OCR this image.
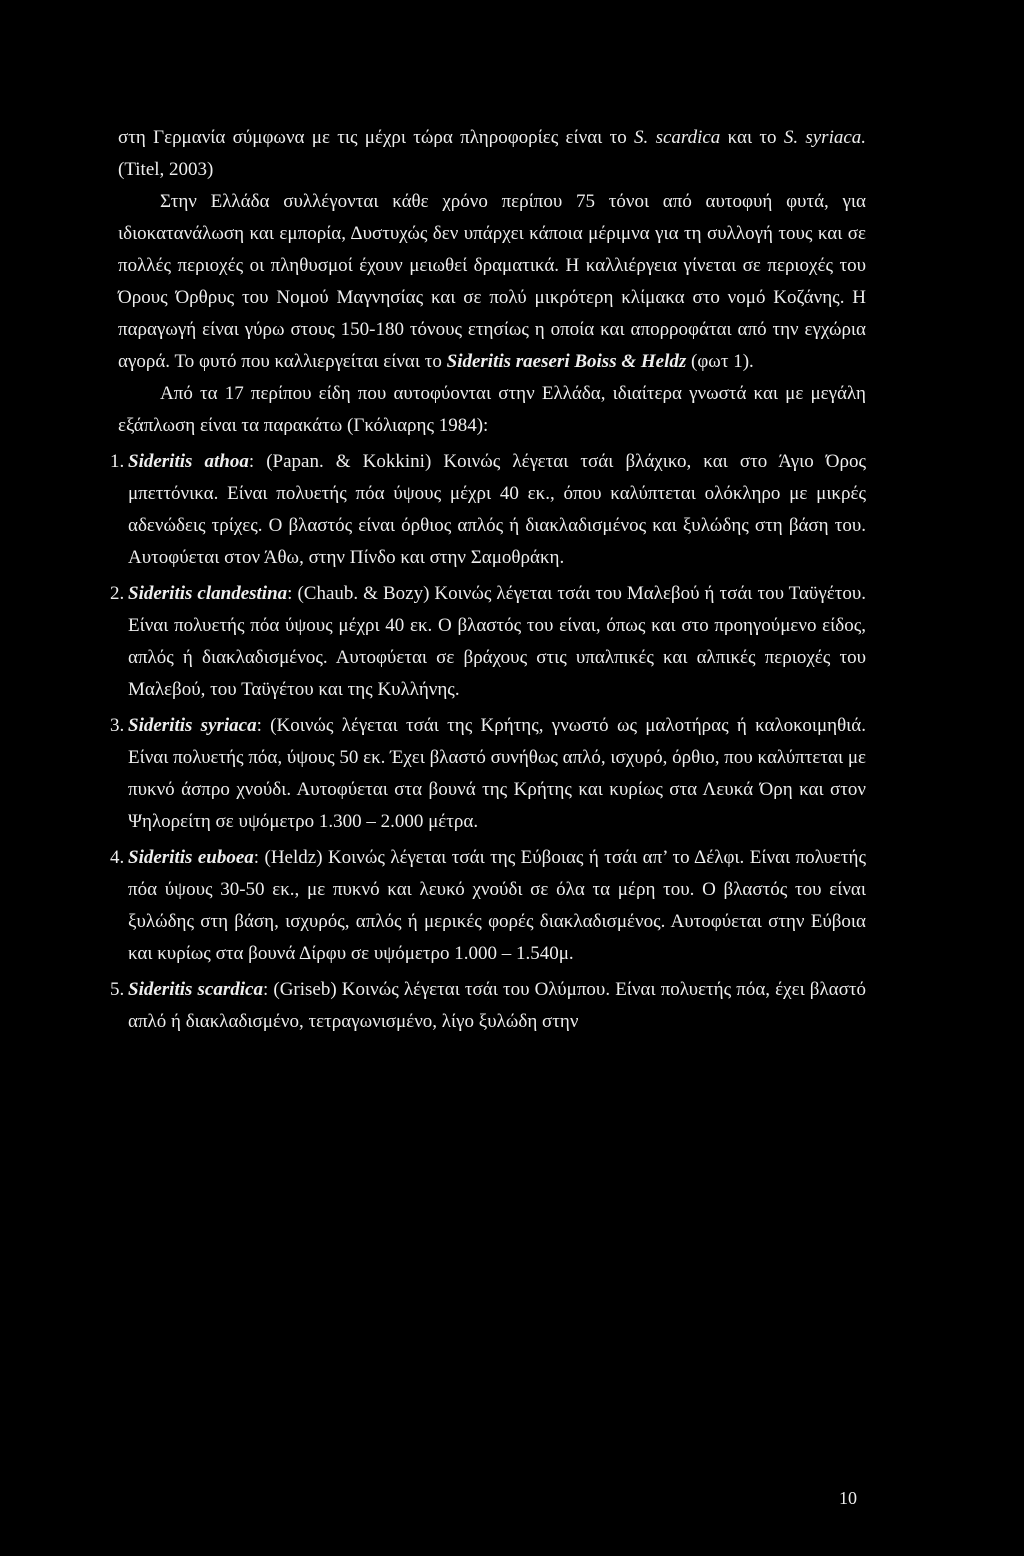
στη Γερμανία σύμφωνα με τις μέχρι τώρα πληροφορίες είναι το S. scardica και το S. syriaca. (Titel, 2003)

Στην Ελλάδα συλλέγονται κάθε χρόνο περίπου 75 τόνοι από αυτοφυή φυτά, για ιδιοκατανάλωση και εμπορία, Δυστυχώς δεν υπάρχει κάποια μέριμνα για τη συλλογή τους και σε πολλές περιοχές οι πληθυσμοί έχουν μειωθεί δραματικά. Η καλλιέργεια γίνεται σε περιοχές του Όρους Όρθρυς του Νομού Μαγνησίας και σε πολύ μικρότερη κλίμακα στο νομό Κοζάνης. Η παραγωγή είναι γύρω στους 150-180 τόνους ετησίως η οποία και απορροφάται από την εγχώρια αγορά. Το φυτό που καλλιεργείται είναι το Sideritis raeseri Boiss & Heldz (φωτ 1).

Από τα 17 περίπου είδη που αυτοφύονται στην Ελλάδα, ιδιαίτερα γνωστά και με μεγάλη εξάπλωση είναι τα παρακάτω (Γκόλιαρης 1984):

1. Sideritis athoa: (Papan. & Kokkini) Κοινώς λέγεται τσάι βλάχικο, και στο Άγιο Όρος μπεττόνικα. Είναι πολυετής πόα ύψους μέχρι 40 εκ., όπου καλύπτεται ολόκληρο με μικρές αδενώδεις τρίχες. Ο βλαστός είναι όρθιος απλός ή διακλαδισμένος και ξυλώδης στη βάση του. Αυτοφύεται στον Άθω, στην Πίνδο και στην Σαμοθράκη.

2. Sideritis clandestina: (Chaub. & Bozy) Κοινώς λέγεται τσάι του Μαλεβού ή τσάι του Ταϋγέτου. Είναι πολυετής πόα ύψους μέχρι 40 εκ. Ο βλαστός του είναι, όπως και στο προηγούμενο είδος, απλός ή διακλαδισμένος. Αυτοφύεται σε βράχους στις υπαλπικές και αλπικές περιοχές του Μαλεβού, του Ταϋγέτου και της Κυλλήνης.

3. Sideritis syriaca: (Κοινώς λέγεται τσάι της Κρήτης, γνωστό ως μαλοτήρας ή καλοκοιμηθιά. Είναι πολυετής πόα, ύψους 50 εκ. Έχει βλαστό συνήθως απλό, ισχυρό, όρθιο, που καλύπτεται με πυκνό άσπρο χνούδι. Αυτοφύεται στα βουνά της Κρήτης και κυρίως στα Λευκά Όρη και στον Ψηλορείτη σε υψόμετρο 1.300 – 2.000 μέτρα.

4. Sideritis euboea: (Heldz) Κοινώς λέγεται τσάι της Εύβοιας ή τσάι απ’ το Δέλφι. Είναι πολυετής πόα ύψους 30-50 εκ., με πυκνό και λευκό χνούδι σε όλα τα μέρη του. Ο βλαστός του είναι ξυλώδης στη βάση, ισχυρός, απλός ή μερικές φορές διακλαδισμένος. Αυτοφύεται στην Εύβοια και κυρίως στα βουνά Δίρφυ σε υψόμετρο 1.000 – 1.540μ.

5. Sideritis scardica: (Griseb) Κοινώς λέγεται τσάι του Ολύμπου. Είναι πολυετής πόα, έχει βλαστό απλό ή διακλαδισμένο, τετραγωνισμένο, λίγο ξυλώδη στην

10
